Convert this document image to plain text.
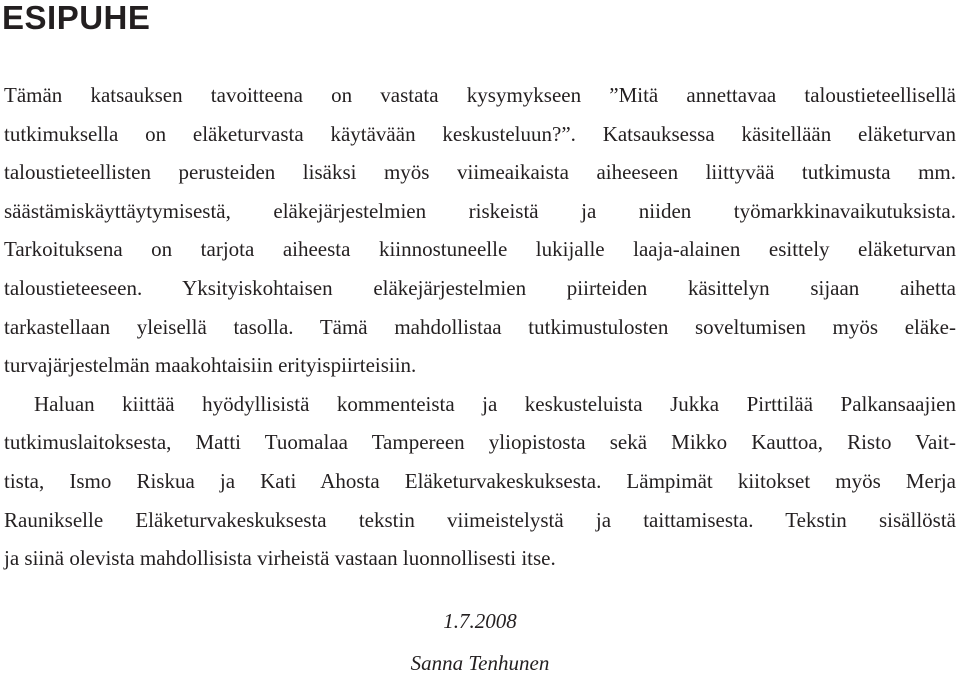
ESIPUHE
Tämän katsauksen tavoitteena on vastata kysymykseen ”Mitä annettavaa taloustieteellisellä
tutkimuksella on eläketurvasta käytävään keskusteluun?”. Katsauksessa käsitellään eläketurvan
taloustieteellisten perusteiden lisäksi myös viimeaikaista aiheeseen liittyvää tutkimusta mm.
säästämiskäyttäytymisestä, eläkejärjestelmien riskeistä ja niiden työmarkkinavaikutuksista.
Tarkoituksena on tarjota aiheesta kiinnostuneelle lukijalle laaja-alainen esittely eläketurvan
taloustieteeseen. Yksityiskohtaisen eläkejärjestelmien piirteiden käsittelyn sijaan aihetta
tarkastellaan yleisellä tasolla. Tämä mahdollistaa tutkimustulosten soveltumisen myös eläke-
turvajärjestelmän maakohtaisiin erityispiirteisiin.
Haluan kiittää hyödyllisistä kommenteista ja keskusteluista Jukka Pirttilää Palkansaajien
tutkimuslaitoksesta, Matti Tuomalaa Tampereen yliopistosta sekä Mikko Kauttoa, Risto Vait-
tista, Ismo Riskua ja Kati Ahosta Eläketurvakeskuksesta. Lämpimät kiitokset myös Merja
Raunikselle Eläketurvakeskuksesta tekstin viimeistelystä ja taittamisesta. Tekstin sisällöstä
ja siinä olevista mahdollisista virheistä vastaan luonnollisesti itse.
1.7.2008
Sanna Tenhunen
